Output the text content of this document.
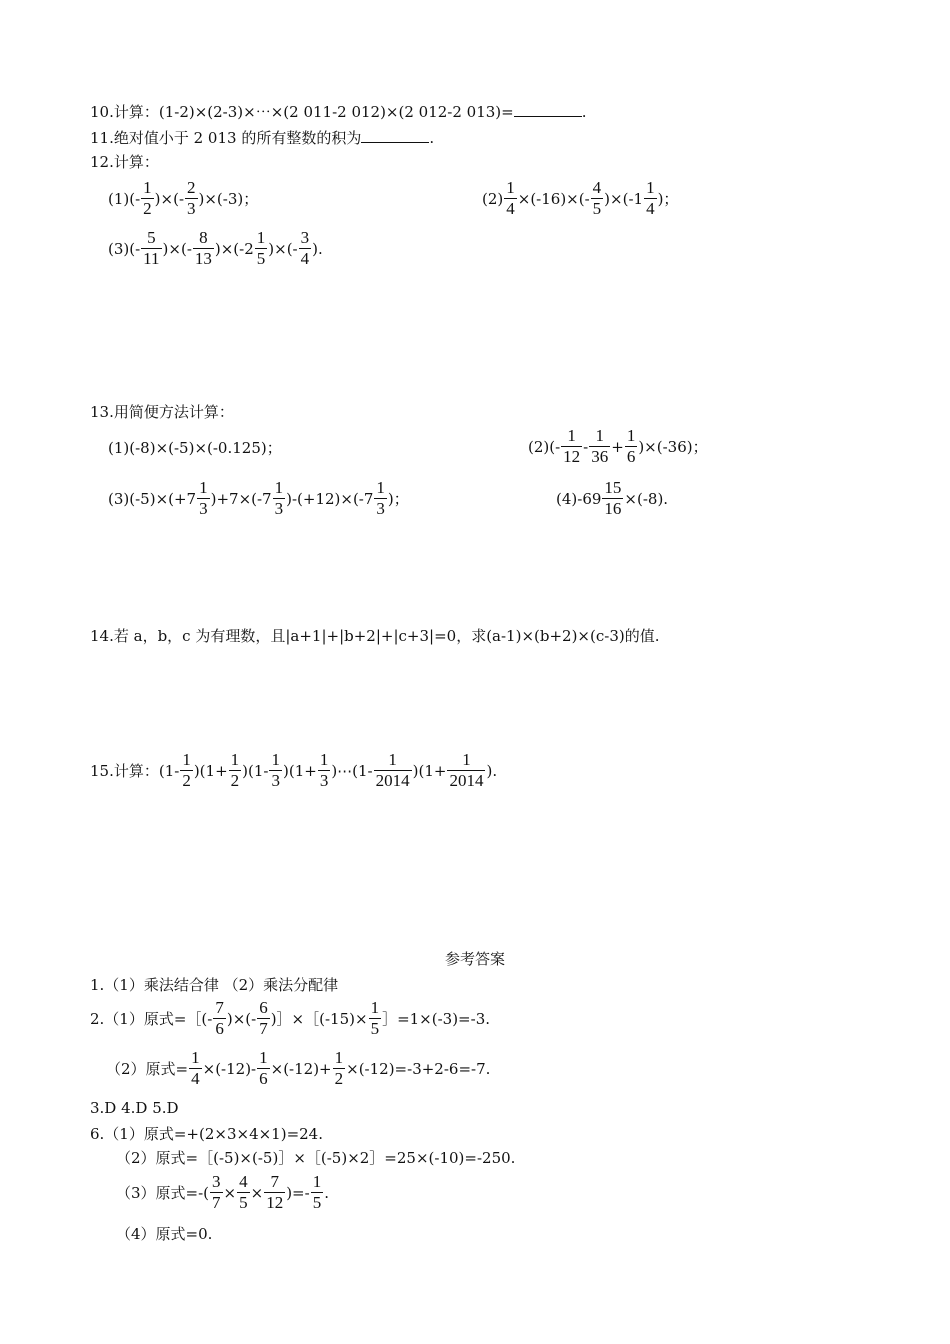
10.计算：(1-2)×(2-3)×⋯×(2 011-2 012)×(2 012-2 013)=	.
11.绝对值小于 2 013 的所有整数的积为	.
12.计算：
$(1)(- \frac{1}{2}$ )×(- $\frac{2}{3} )\times(-3)$；	$(2) \frac{1}{4} \times(-16)\times(- \frac{4}{5} )\times(-1 \frac{1}{4}$ )；
$(3)(- \frac{5}{11}$ )×(- $\frac{8}{13} )\times(-2 \frac{1}{5}$ )×(- $\frac{3}{4}$ ).
13.用简便方法计算：
(1)(-8)×(-5)×(-0.125)；	$(2)(- \frac{1}{12} - \frac{1}{36} + \frac{1}{6} )\times(-36)$；
$(3)(-5)\times(+7 \frac{1}{3} )+7\times(-7 \frac{1}{3} )-(+12)\times(-7 \frac{1}{3}$ )；	$(4)-69 \frac{15}{16} \times(-8)$.
14.若 a，b，c 为有理数，且|a+1|+|b+2|+|c+3|=0，求(a-1)×(b+2)×(c-3)的值.
15.计算：$(1- \frac{1}{2} )(1+ \frac{1}{2} )(1- \frac{1}{3} )(1+ \frac{1}{3}$ )⋯(1- $\frac{1}{2014} )(1+ \frac{1}{2014}$ ).
参考答案
1.（1）乘法结合律 （2）乘法分配律
2.（1）原式=［(- $\frac{7}{6}$ )×(- $\frac{6}{7}$ )］×［(-15)× $\frac{1}{5}$ ］=1×(-3)=-3.
（2）原式= $\frac{1}{4} \times(-12)- \frac{1}{6} \times(-12)+ \frac{1}{2} \times(-12)=-3+2-6=-7$.
3.D 4.D 5.D
6.（1）原式=+(2×3×4×1)=24.
（2）原式=［(-5)×(-5)］×［(-5)×2］=25×(-10)=-250.
（3）原式=-( $\frac{3}{7} \times \frac{4}{5} \times \frac{7}{12}$ )=- $\frac{1}{5}$ .
（4）原式=0.
